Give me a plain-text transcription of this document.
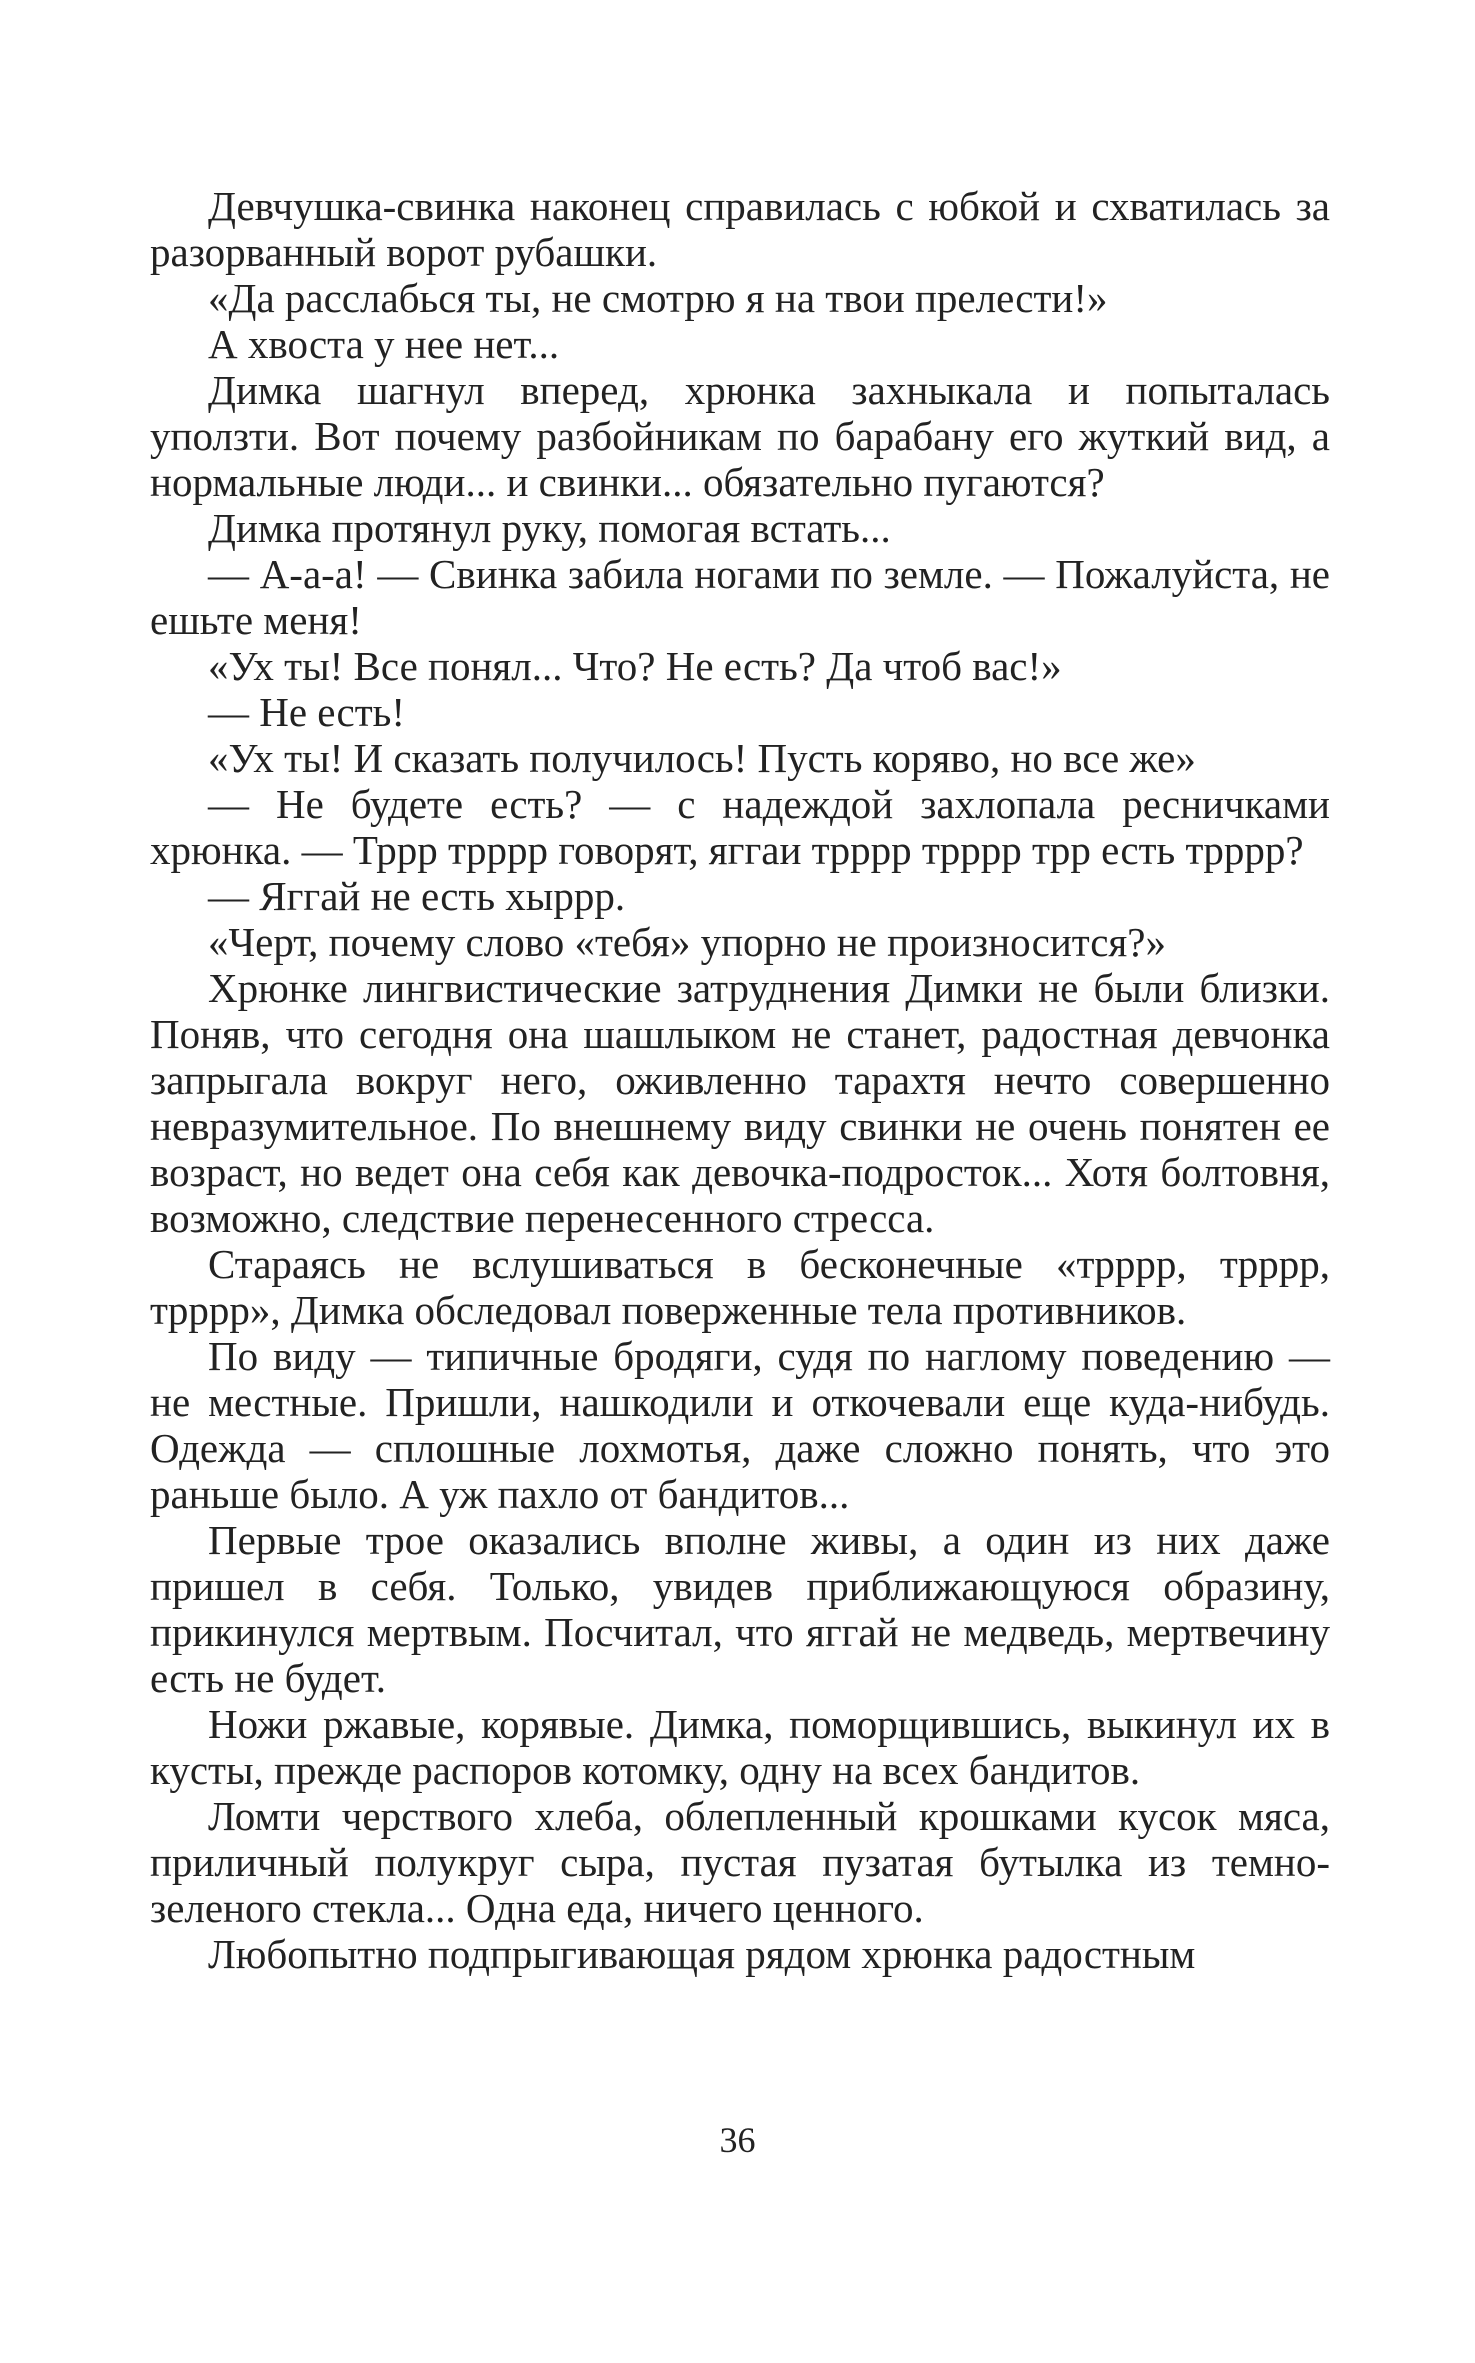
Девчушка-свинка наконец справилась с юбкой и схватилась за разорванный ворот рубашки.

«Да расслабься ты, не смотрю я на твои прелести!»

А хвоста у нее нет...

Димка шагнул вперед, хрюнка захныкала и попыталась уползти. Вот почему разбойникам по барабану его жуткий вид, а нормальные люди... и свинки... обязательно пугаются?

Димка протянул руку, помогая встать...

— А-а-а! — Свинка забила ногами по земле. — Пожалуйста, не ешьте меня!

«Ух ты! Все понял... Что? Не есть? Да чтоб вас!»

— Не есть!

«Ух ты! И сказать получилось! Пусть коряво, но все же»

— Не будете есть? — с надеждой захлопала ресничками хрюнка. — Трpp тpppp говорят, яггаи тpppp тpppp тpp есть тpppp?

— Яггай не есть хыррр.

«Черт, почему слово «тебя» упорно не произносится?»

Хрюнке лингвистические затруднения Димки не были близки. Поняв, что сегодня она шашлыком не станет, радостная девчонка запрыгала вокруг него, оживленно тарахтя нечто совершенно невразумительное. По внешнему виду свинки не очень понятен ее возраст, но ведет она себя как девочка-подросток... Хотя болтовня, возможно, следствие перенесенного стресса.

Стараясь не вслушиваться в бесконечные «тpppp, тpppp, тpppp», Димка обследовал поверженные тела противников.

По виду — типичные бродяги, судя по наглому поведению — не местные. Пришли, нашкодили и откочевали еще куда-нибудь. Одежда — сплошные лохмотья, даже сложно понять, что это раньше было. А уж пахло от бандитов...

Первые трое оказались вполне живы, а один из них даже пришел в себя. Только, увидев приближающуюся образину, прикинулся мертвым. Посчитал, что яггай не медведь, мертвечину есть не будет.

Ножи ржавые, корявые. Димка, поморщившись, выкинул их в кусты, прежде распоров котомку, одну на всех бандитов.

Ломти черствого хлеба, облепленный крошками кусок мяса, приличный полукруг сыра, пустая пузатая бутылка из темно-зеленого стекла... Одна еда, ничего ценного.

Любопытно подпрыгивающая рядом хрюнка радостным

36
